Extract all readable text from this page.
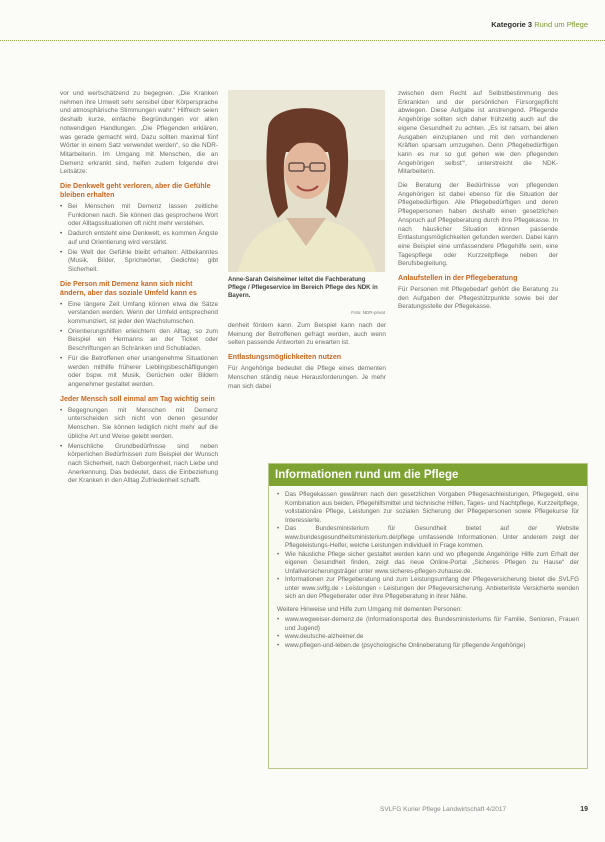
Kategorie 3 Rund um Pflege

vor und wertschätzend zu begegnen. „Die Kranken nehmen ihre Umwelt sehr sensibel über Körpersprache und atmosphärische Stimmungen wahr.“ Hilfreich seien deshalb kurze, einfache Begründungen vor allen notwendigen Handlungen. „Die Pflegenden erklären, was gerade gemacht wird. Dazu sollten maximal fünf Wörter in einem Satz verwendet werden“, so die NDR-Mitarbeiterin. Im Umgang mit Menschen, die an Demenz erkrankt sind, helfen zudem folgende drei Leitsätze:

Die Denkwelt geht verloren, aber die Gefühle bleiben erhalten
• Bei Menschen mit Demenz lassen zeitliche Funktionen nach. Sie können das gesprochene Wort oder Alltagssituationen oft nicht mehr verstehen.
• Dadurch entsteht eine Denkwelt, es kommen Ängste auf und Orientierung wird verstärkt.
• Die Welt der Gefühle bleibt erhalten: Altbekanntes (Musik, Bilder, Sprichwörter, Gedichte) gibt Sicherheit.
Die Person mit Demenz kann sich nicht ändern, aber das soziale Umfeld kann es
• Eine längere Zeit Umfang können etwa die Sätze verstanden werden. Wenn der Umfeld entsprechend kommuniziert, ist jeder den Wachstumschen.
• Orientierungshilfen erleichtern den Alltag, so zum Beispiel ein Hermanns an der Ticket oder Beschriftungen an Schränken und Schubladen.
• Für die Betroffenen eher unangenehme Situationen werden mithilfe früherer Lieblingsbeschäftigungen oder bspw. mit Musik, Gerüchen oder Bildern angenehmer gestaltet werden.
Jeder Mensch soll einmal am Tag wichtig sein
• Begegnungen mit Menschen mit Demenz unterscheiden sich nicht von denen gesunder Menschen. Sie können lediglich nicht mehr auf die übliche Art und Weise gelebt werden.
• Menschliche Grundbedürfnisse sind neben körperlichen Bedürfnissen zum Beispiel der Wunsch nach Sicherheit, nach Geborgenheit, nach Liebe und Anerkennung. Das bedeutet, dass die Einbeziehung der Kranken in den Alltag Zufriedenheit schafft.
Anne-Sarah Geisheimer leitet die Fachberatung Pflege / Pflegeservice im Bereich Pflege des NDK in Bayern.
Foto: NDR-privat

denheit fördern kann. Zum Beispiel kann nach der Meinung der Betroffenen gefragt werden, auch wenn selten passende Antworten zu erwarten ist.

Entlastungsmöglichkeiten nutzen

Für Angehörige bedeutet die Pflege eines dementen Menschen ständig neue Herausforderungen. Je mehr man sich dabei

zwischen dem Recht auf Selbstbestimmung des Erkrankten und der persönlichen Fürsorgepflicht abwiegen. Diese Aufgabe ist anstrengend. Pflegende Angehörige sollten sich daher frühzeitig auch auf die eigene Gesundheit zu achten. „Es ist ratsam, bei allen Ausgaben einzuplanen und mit den vorhandenen Kräften sparsam umzugehen. Denn ‚Pflegebedürftigen kann es nur so gut gehen wie den pflegenden Angehörigen selbst‘“, unterstreicht die NDK-Mitarbeiterin.

Die Beratung der Bedürfnisse von pflegenden Angehörigen ist dabei ebenso für die Situation der Pflegebedürftigen. Alle Pflegebedürftigen und deren Pflegepersonen haben deshalb einen gesetzlichen Anspruch auf Pflegeberatung durch ihre Pflegekasse. In nach häuslicher Situation können passende Entlastungsmöglichkeiten gefunden werden. Dabei kann eine Beispiel eine umfassendere Pflegehilfe sein, eine Tagespflege oder Kurzzeitpflege neben der Berufsbegleitung.

Anlaufstellen in der Pflegeberatung

Für Personen mit Pflegebedarf gehört die Beratung zu den Aufgaben der Pflegestützpunkte sowie bei der Beratungsstelle der Pflegekasse.

Informationen rund um die Pflege
• Das Pflegekassen gewähren nach den gesetzlichen Vorgaben Pflegesachleistungen, Pflegegeld, eine Kombination aus beiden, Pflegehilfsmittel und technische Hilfen, Tages- und Nachtpflege, Kurzzeitpflege, vollstationäre Pflege, Leistungen zur sozialen Sicherung der Pflegepersonen sowie Pflegekurse für Interessierte.
• Das Bundesministerium für Gesundheit bietet auf der Website www.bundesgesundheitsministerium.de/pflege umfassende Informationen. Unter anderem zeigt der Pflegeleistungs-Helfer, welche Leistungen individuell in Frage kommen.
• Wie häusliche Pflege sicher gestaltet werden kann und wo pflegende Angehörige Hilfe zum Erhalt der eigenen Gesundheit finden, zeigt das neue Online-Portal „Sicheres Pflegen zu Hause“ der Unfallversicherungsträger unter www.sicheres-pflegen-zuhause.de.
• Informationen zur Pflegeberatung und zum Leistungsumfang der Pflegeversicherung bietet die SVLFG unter www.svlfg.de › Leistungen › Leistungen der Pflegeversicherung. Anbieterliste Versicherte wenden sich an den Pflegeberater oder ihre Pflegeberatung in ihrer Nähe.

Weitere Hinweise und Hilfe zum Umgang mit dementen Personen:

• www.wegweiser-demenz.de (Informationsportal des Bundesministeriums für Familie, Senioren, Frauen und Jugend)
• www.deutsche-alzheimer.de
• www.pflegen-und-leben.de (psychologische Onlineberatung für pflegende Angehörige)
SVLFG Kurier Pflege Landwirtschaft 4/2017	19
